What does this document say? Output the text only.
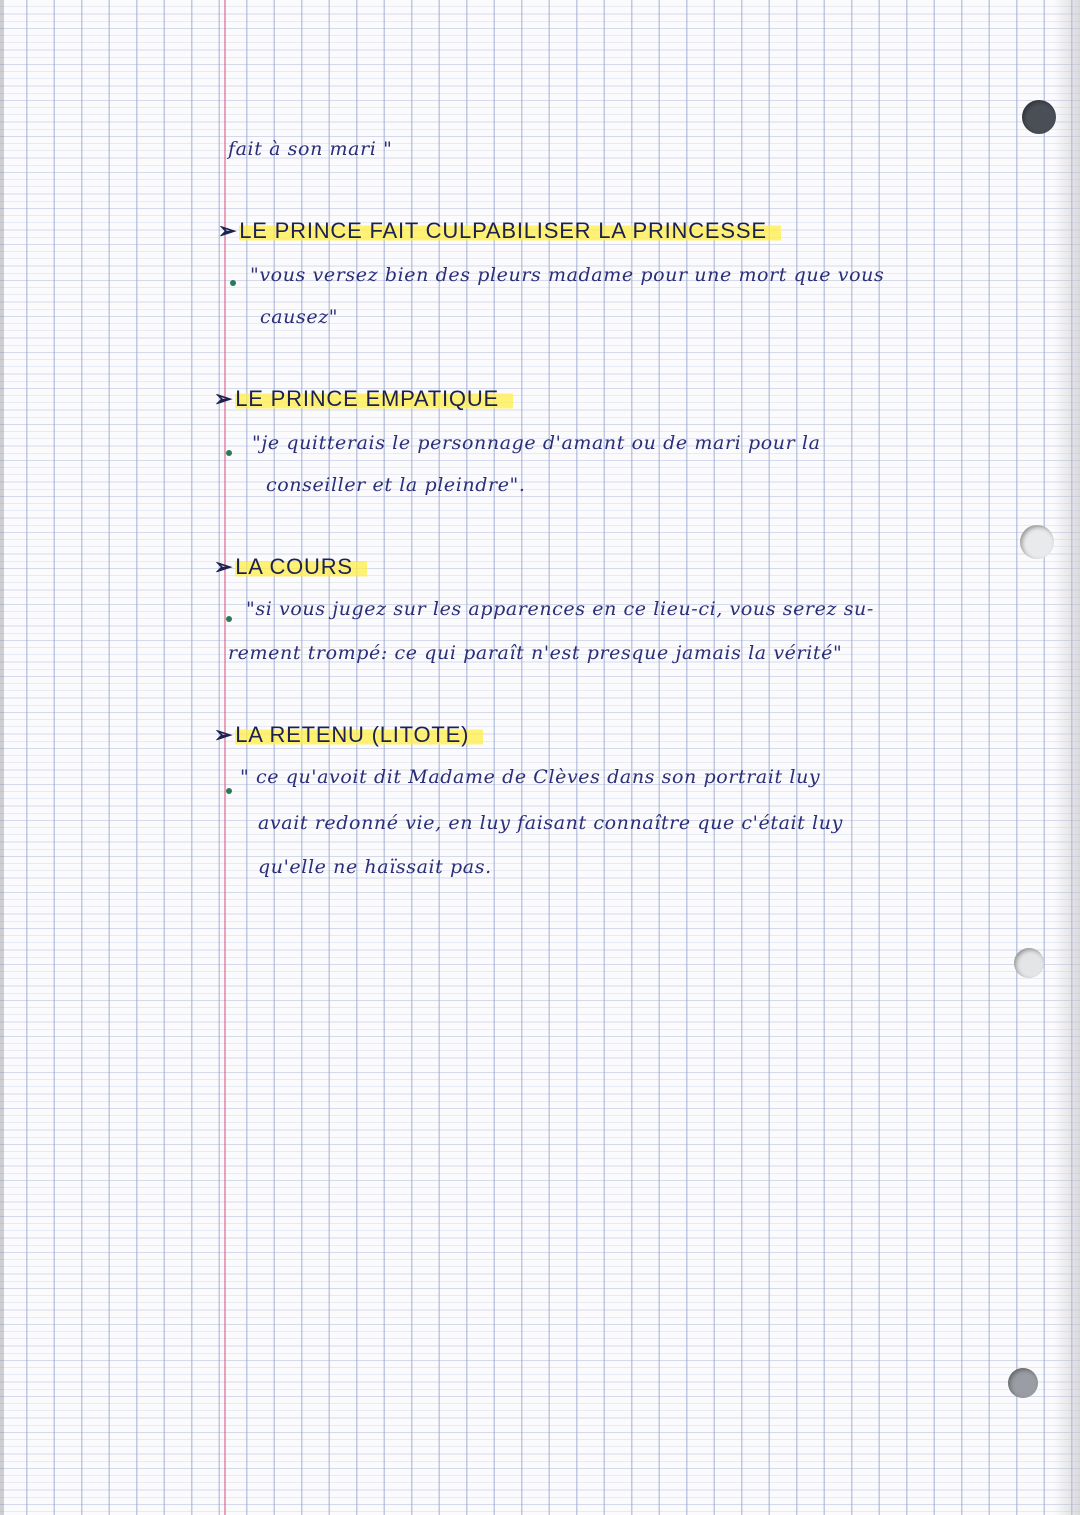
fait à son mari "
➢LE PRINCE FAIT CULPABILISER LA PRINCESSE
"vous versez bien des pleurs madame pour une mort que vous
causez"
➢LE PRINCE EMPATIQUE
"je quitterais le personnage d'amant ou de mari pour la
conseiller et la pleindre".
➢LA COURS
"si vous jugez sur les apparences en ce lieu-ci, vous serez su-
rement trompé: ce qui paraît n'est presque jamais la vérité"
➢LA RETENU (LITOTE)
" ce qu'avoit dit Madame de Clèves dans son portrait luy
avait redonné vie, en luy faisant connaître que c'était luy
qu'elle ne haïssait pas.
